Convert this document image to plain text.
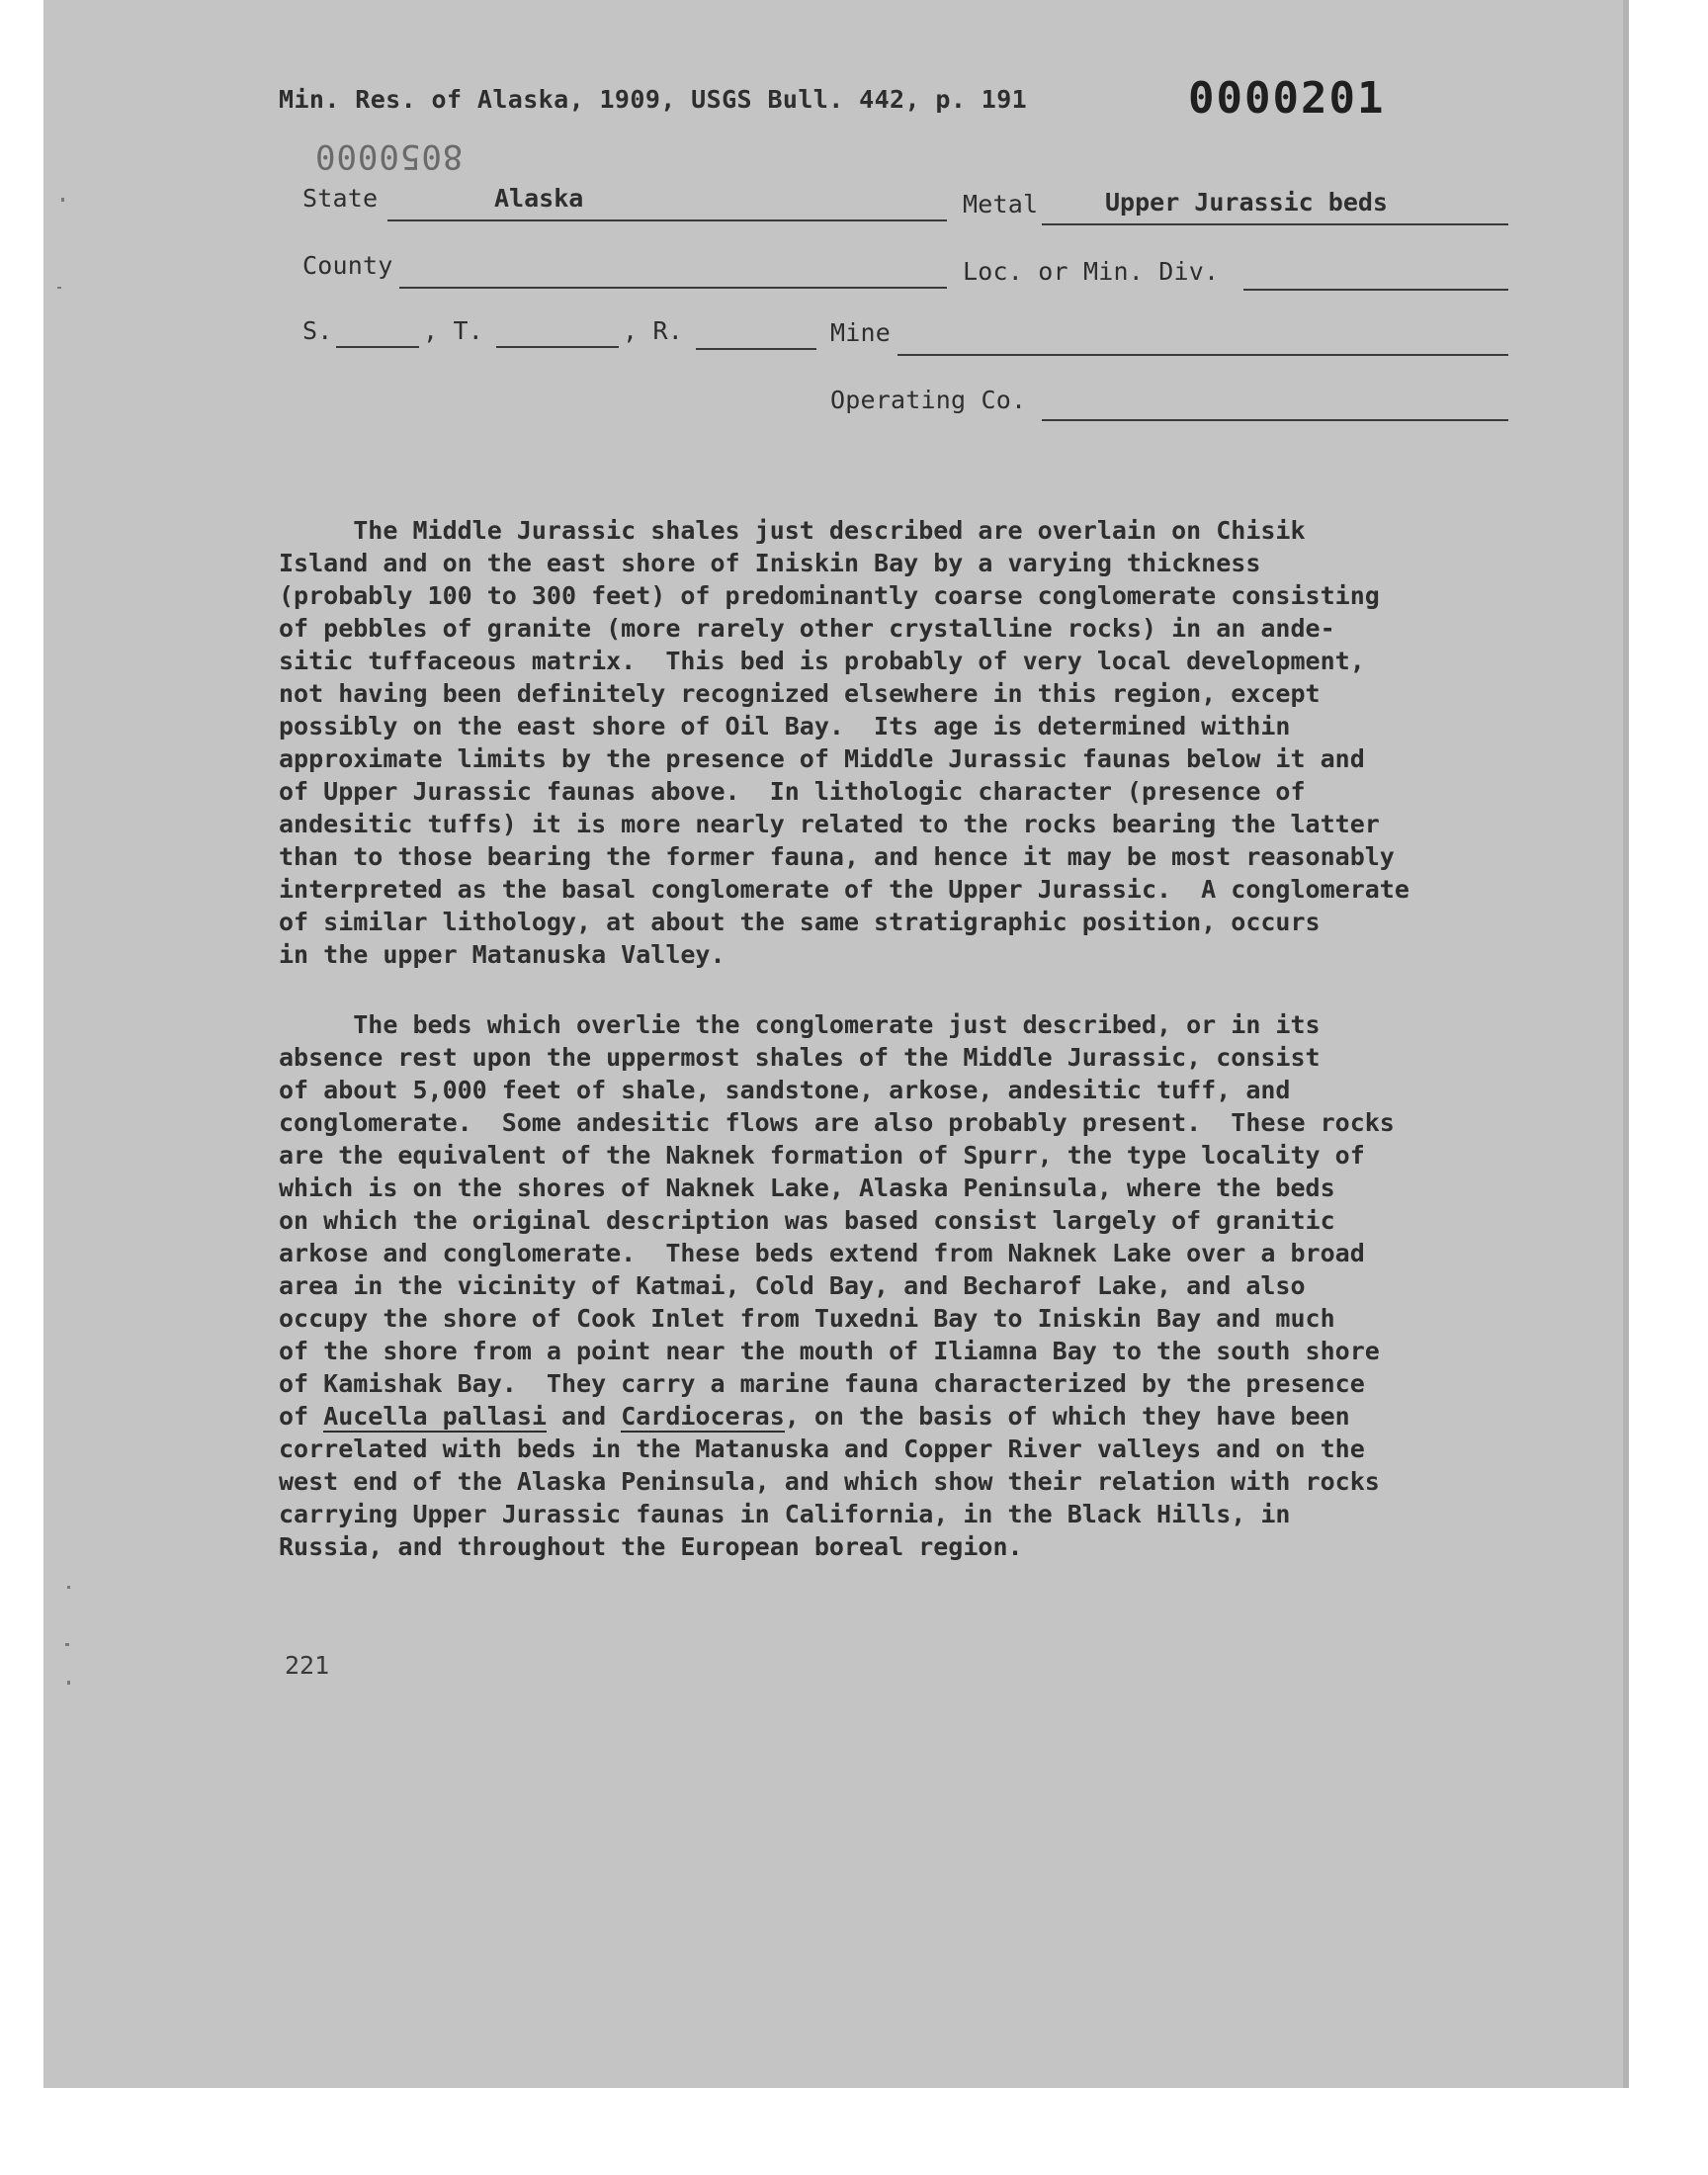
Min. Res. of Alaska, 1909, USGS Bull. 442, p. 191	0000201
8050000
State	Alaska	Metal	Upper Jurassic beds
County	Loc. or Min. Div.
S.	, T.	, R.	Mine
Operating Co.
The Middle Jurassic shales just described are overlain on Chisik
Island and on the east shore of Iniskin Bay by a varying thickness
(probably 100 to 300 feet) of predominantly coarse conglomerate consisting
of pebbles of granite (more rarely other crystalline rocks) in an ande-
sitic tuffaceous matrix.  This bed is probably of very local development,
not having been definitely recognized elsewhere in this region, except
possibly on the east shore of Oil Bay.  Its age is determined within
approximate limits by the presence of Middle Jurassic faunas below it and
of Upper Jurassic faunas above.  In lithologic character (presence of
andesitic tuffs) it is more nearly related to the rocks bearing the latter
than to those bearing the former fauna, and hence it may be most reasonably
interpreted as the basal conglomerate of the Upper Jurassic.  A conglomerate
of similar lithology, at about the same stratigraphic position, occurs
in the upper Matanuska Valley.
The beds which overlie the conglomerate just described, or in its
absence rest upon the uppermost shales of the Middle Jurassic, consist
of about 5,000 feet of shale, sandstone, arkose, andesitic tuff, and
conglomerate.  Some andesitic flows are also probably present.  These rocks
are the equivalent of the Naknek formation of Spurr, the type locality of
which is on the shores of Naknek Lake, Alaska Peninsula, where the beds
on which the original description was based consist largely of granitic
arkose and conglomerate.  These beds extend from Naknek Lake over a broad
area in the vicinity of Katmai, Cold Bay, and Becharof Lake, and also
occupy the shore of Cook Inlet from Tuxedni Bay to Iniskin Bay and much
of the shore from a point near the mouth of Iliamna Bay to the south shore
of Kamishak Bay.  They carry a marine fauna characterized by the presence
of Aucella pallasi and Cardioceras, on the basis of which they have been
correlated with beds in the Matanuska and Copper River valleys and on the
west end of the Alaska Peninsula, and which show their relation with rocks
carrying Upper Jurassic faunas in California, in the Black Hills, in
Russia, and throughout the European boreal region.
221
